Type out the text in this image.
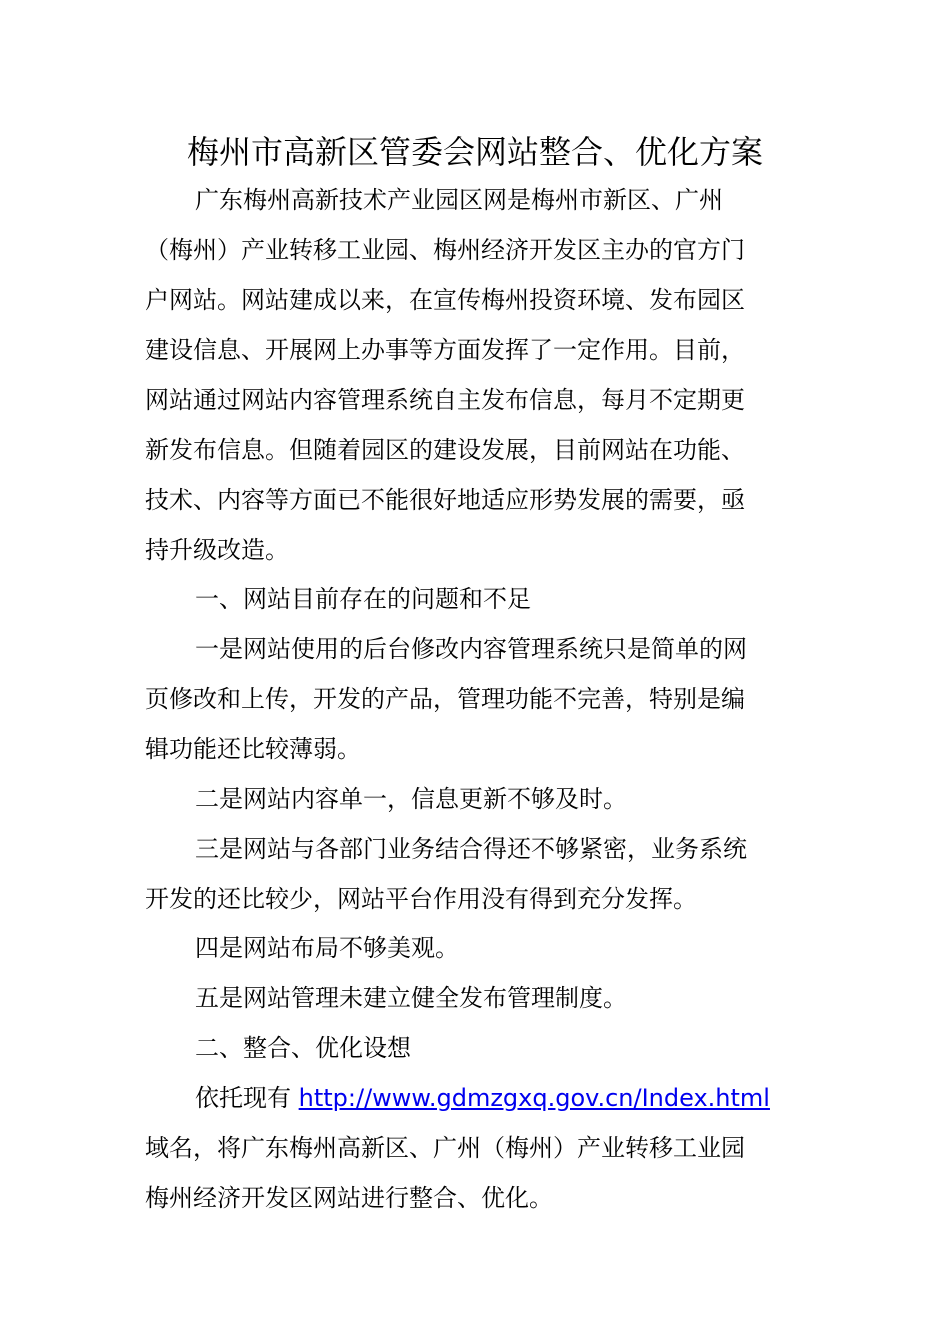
梅州市高新区管委会网站整合、优化方案
广东梅州高新技术产业园区网是梅州市新区、广州
（梅州）产业转移工业园、梅州经济开发区主办的官方门
户网站。网站建成以来，在宣传梅州投资环境、发布园区
建设信息、开展网上办事等方面发挥了一定作用。目前，
网站通过网站内容管理系统自主发布信息，每月不定期更
新发布信息。但随着园区的建设发展，目前网站在功能、
技术、内容等方面已不能很好地适应形势发展的需要，亟
持升级改造。
一、网站目前存在的问题和不足
一是网站使用的后台修改内容管理系统只是简单的网
页修改和上传，开发的产品，管理功能不完善，特别是编
辑功能还比较薄弱。
二是网站内容单一，信息更新不够及时。
三是网站与各部门业务结合得还不够紧密，业务系统
开发的还比较少，网站平台作用没有得到充分发挥。
四是网站布局不够美观。
五是网站管理未建立健全发布管理制度。
二、整合、优化设想
依托现有 http://www.gdmzgxq.gov.cn/Index.html
域名，将广东梅州高新区、广州（梅州）产业转移工业园
梅州经济开发区网站进行整合、优化。
